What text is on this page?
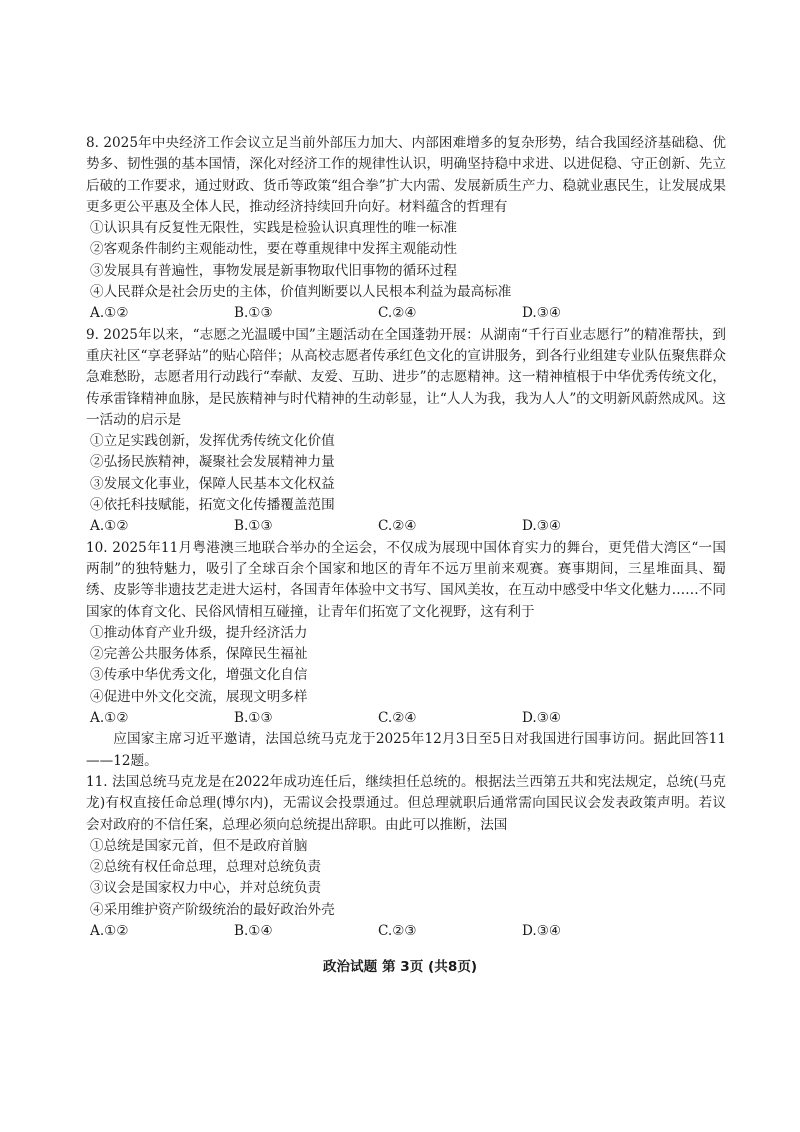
8. 2025年中央经济工作会议立足当前外部压力加大、内部困难增多的复杂形势，结合我国经济基础稳、优势多、韧性强的基本国情，深化对经济工作的规律性认识，明确坚持稳中求进、以进促稳、守正创新、先立后破的工作要求，通过财政、货币等政策“组合拳”扩大内需、发展新质生产力、稳就业惠民生，让发展成果更多更公平惠及全体人民，推动经济持续回升向好。材料蕴含的哲理有

①认识具有反复性无限性，实践是检验认识真理性的唯一标准
②客观条件制约主观能动性，要在尊重规律中发挥主观能动性
③发展具有普遍性，事物发展是新事物取代旧事物的循环过程
④人民群众是社会历史的主体，价值判断要以人民根本利益为最高标准
A.①②	B.①③	C.②④	D.③④

9. 2025年以来，“志愿之光温暖中国”主题活动在全国蓬勃开展：从湖南“千行百业志愿行”的精准帮扶，到重庆社区“享老驿站”的贴心陪伴；从高校志愿者传承红色文化的宣讲服务，到各行业组建专业队伍聚焦群众急难愁盼，志愿者用行动践行“奉献、友爱、互助、进步”的志愿精神。这一精神植根于中华优秀传统文化，传承雷锋精神血脉，是民族精神与时代精神的生动彰显，让“人人为我，我为人人”的文明新风蔚然成风。这一活动的启示是

①立足实践创新，发挥优秀传统文化价值
②弘扬民族精神，凝聚社会发展精神力量
③发展文化事业，保障人民基本文化权益
④依托科技赋能，拓宽文化传播覆盖范围
A.①②	B.①③	C.②④	D.③④

10. 2025年11月粤港澳三地联合举办的全运会，不仅成为展现中国体育实力的舞台，更凭借大湾区“一国两制”的独特魅力，吸引了全球百余个国家和地区的青年不远万里前来观赛。赛事期间，三星堆面具、蜀绣、皮影等非遗技艺走进大运村，各国青年体验中文书写、国风美妆，在互动中感受中华文化魅力……不同国家的体育文化、民俗风情相互碰撞，让青年们拓宽了文化视野，这有利于

①推动体育产业升级，提升经济活力
②完善公共服务体系，保障民生福祉
③传承中华优秀文化，增强文化自信
④促进中外文化交流，展现文明多样
A.①②	B.①③	C.②④	D.③④

应国家主席习近平邀请，法国总统马克龙于2025年12月3日至5日对我国进行国事访问。据此回答11——12题。

11. 法国总统马克龙是在2022年成功连任后，继续担任总统的。根据法兰西第五共和宪法规定，总统(马克龙)有权直接任命总理(博尔内)，无需议会投票通过。但总理就职后通常需向国民议会发表政策声明。若议会对政府的不信任案，总理必须向总统提出辞职。由此可以推断，法国

①总统是国家元首，但不是政府首脑
②总统有权任命总理，总理对总统负责
③议会是国家权力中心，并对总统负责
④采用维护资产阶级统治的最好政治外壳
A.①②	B.①④	C.②③	D.③④
政治试题 第 3页 (共8页)
